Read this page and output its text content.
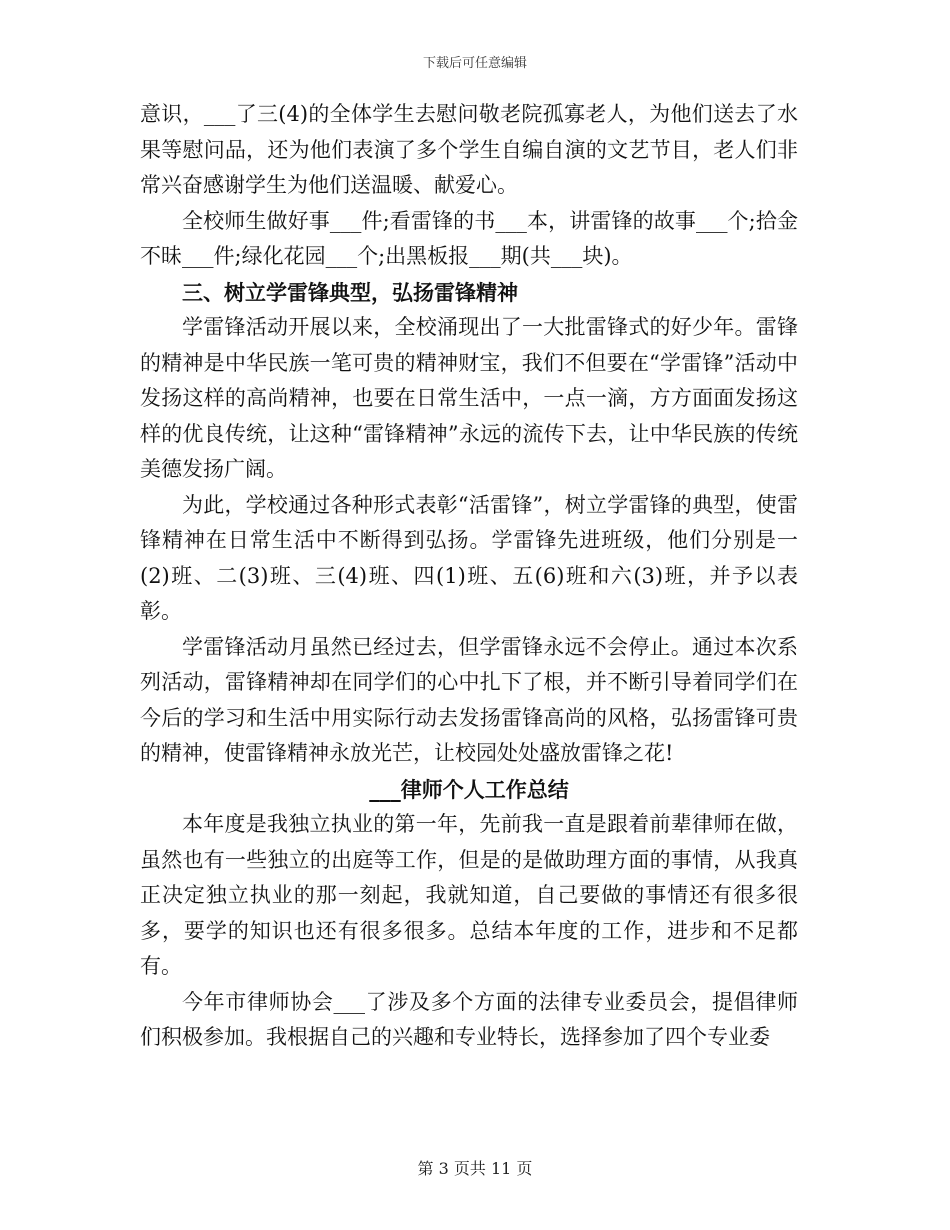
下载后可任意编辑

意识，___了三(4)的全体学生去慰问敬老院孤寡老人，为他们送去了水果等慰问品，还为他们表演了多个学生自编自演的文艺节目，老人们非常兴奋感谢学生为他们送温暖、献爱心。

全校师生做好事___件;看雷锋的书___本，讲雷锋的故事___个;拾金不昧___件;绿化花园___个;出黑板报___期(共___块)。

三、树立学雷锋典型，弘扬雷锋精神

学雷锋活动开展以来，全校涌现出了一大批雷锋式的好少年。雷锋的精神是中华民族一笔可贵的精神财宝，我们不但要在“学雷锋”活动中发扬这样的高尚精神，也要在日常生活中，一点一滴，方方面面发扬这样的优良传统，让这种“雷锋精神”永远的流传下去，让中华民族的传统美德发扬广阔。

为此，学校通过各种形式表彰“活雷锋”，树立学雷锋的典型，使雷锋精神在日常生活中不断得到弘扬。学雷锋先进班级，他们分别是一(2)班、二(3)班、三(4)班、四(1)班、五(6)班和六(3)班，并予以表彰。

学雷锋活动月虽然已经过去，但学雷锋永远不会停止。通过本次系列活动，雷锋精神却在同学们的心中扎下了根，并不断引导着同学们在今后的学习和生活中用实际行动去发扬雷锋高尚的风格，弘扬雷锋可贵的精神，使雷锋精神永放光芒，让校园处处盛放雷锋之花!

___律师个人工作总结

本年度是我独立执业的第一年，先前我一直是跟着前辈律师在做，虽然也有一些独立的出庭等工作，但是的是做助理方面的事情，从我真正决定独立执业的那一刻起，我就知道，自己要做的事情还有很多很多，要学的知识也还有很多很多。总结本年度的工作，进步和不足都有。

今年市律师协会___了涉及多个方面的法律专业委员会，提倡律师们积极参加。我根据自己的兴趣和专业特长，选择参加了四个专业委

第 3 页共 11 页
